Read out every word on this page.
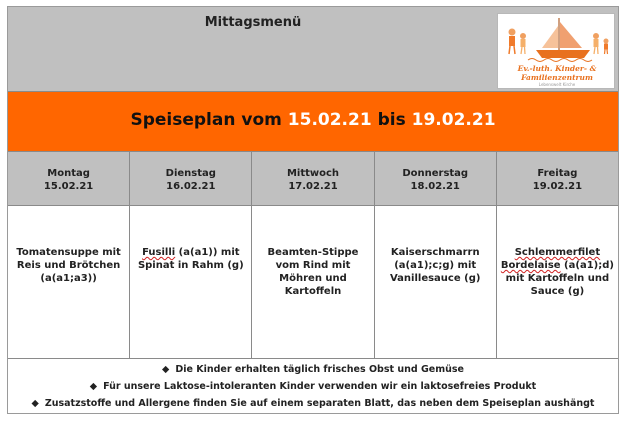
Mittagsmenü
Ev.-luth. Kinder- &
Familienzentrum
Lebenswelt Kirche
Speiseplan vom 15.02.21 bis 19.02.21
Montag
15.02.21
Dienstag
16.02.21
Mittwoch
17.02.21
Donnerstag
18.02.21
Freitag
19.02.21
Tomatensuppe mit
Reis und Brötchen
(a(a1;a3))
Fusilli (a(a1)) mit
Spinat in Rahm (g)
Beamten-Stippe
vom Rind mit
Möhren und
Kartoffeln
Kaiserschmarrn
(a(a1);c;g) mit
Vanillesauce (g)
Schlemmerfilet
Bordelaise (a(a1);d)
mit Kartoffeln und
Sauce (g)
◆ Die Kinder erhalten täglich frisches Obst und Gemüse
◆ Für unsere Laktose-intoleranten Kinder verwenden wir ein laktosefreies Produkt
◆ Zusatzstoffe und Allergene finden Sie auf einem separaten Blatt, das neben dem Speiseplan aushängt
